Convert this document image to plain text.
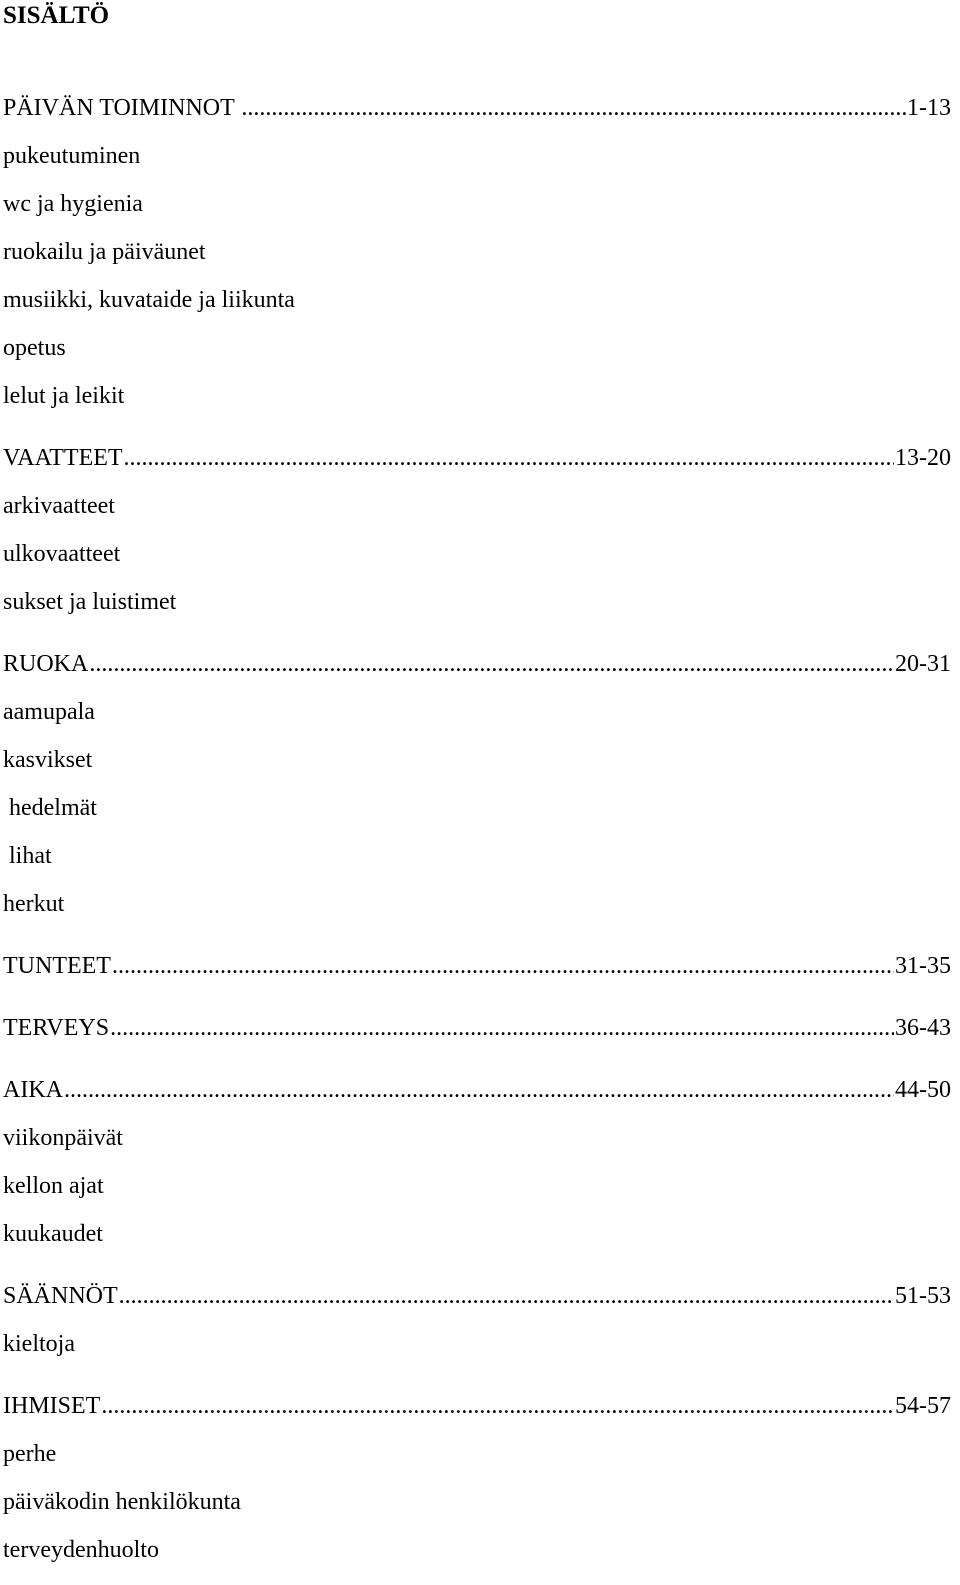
SISÄLTÖ
PÄIVÄN TOIMINNOT .....	1-13
pukeutuminen
wc ja hygienia
ruokailu ja päiväunet
musiikki, kuvataide ja liikunta
opetus
lelut ja leikit
VAATTEET .....	13-20
arkivaatteet
ulkovaatteet
sukset ja luistimet
RUOKA .....	20-31
aamupala
kasvikset
hedelmät
lihat
herkut
TUNTEET .....	31-35
TERVEYS .....	36-43
AIKA .....	44-50
viikonpäivät
kellon ajat
kuukaudet
SÄÄNNÖT .....	51-53
kieltoja
IHMISET .....	54-57
perhe
päiväkodin henkilökunta
terveydenhuolto
